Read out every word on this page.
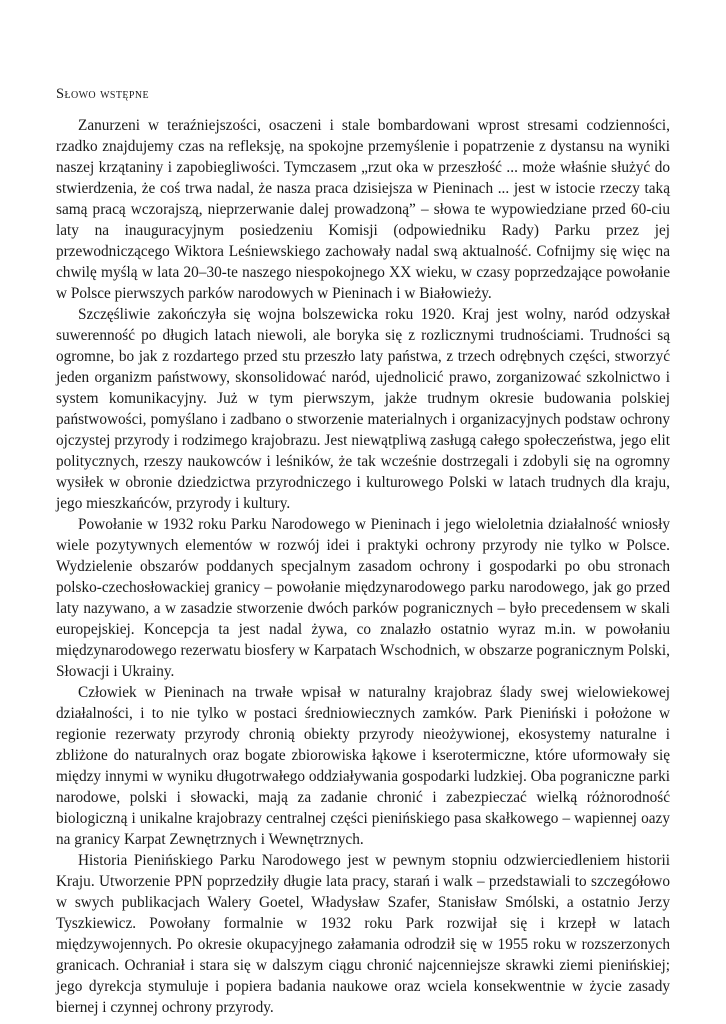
Słowo wstępne

Zanurzeni w teraźniejszości, osaczeni i stale bombardowani wprost stresami codzienności, rzadko znajdujemy czas na refleksję, na spokojne przemyślenie i popatrzenie z dystansu na wyniki naszej krzątaniny i zapobiegliwości. Tymczasem „rzut oka w przeszłość ... może właśnie służyć do stwierdzenia, że coś trwa nadal, że nasza praca dzisiejsza w Pieninach ... jest w istocie rzeczy taką samą pracą wczorajszą, nieprzerwanie dalej prowadzoną” – słowa te wypowiedziane przed 60-ciu laty na inauguracyjnym posiedzeniu Komisji (odpowiedniku Rady) Parku przez jej przewodniczącego Wiktora Leśniewskiego zachowały nadal swą aktualność. Cofnijmy się więc na chwilę myślą w lata 20–30-te naszego niespokojnego XX wieku, w czasy poprzedzające powołanie w Polsce pierwszych parków narodowych w Pieninach i w Białowieży.

Szczęśliwie zakończyła się wojna bolszewicka roku 1920. Kraj jest wolny, naród odzyskał suwerenność po długich latach niewoli, ale boryka się z rozlicznymi trudnościami. Trudności są ogromne, bo jak z rozdartego przed stu przeszło laty państwa, z trzech odrębnych części, stworzyć jeden organizm państwowy, skonsolidować naród, ujednolicić prawo, zorganizować szkolnictwo i system komunikacyjny. Już w tym pierwszym, jakże trudnym okresie budowania polskiej państwowości, pomyślano i zadbano o stworzenie materialnych i organizacyjnych podstaw ochrony ojczystej przyrody i rodzimego krajobrazu. Jest niewątpliwą zasługą całego społeczeństwa, jego elit politycznych, rzeszy naukowców i leśników, że tak wcześnie dostrzegali i zdobyli się na ogromny wysiłek w obronie dziedzictwa przyrodniczego i kulturowego Polski w latach trudnych dla kraju, jego mieszkańców, przyrody i kultury.

Powołanie w 1932 roku Parku Narodowego w Pieninach i jego wieloletnia działalność wniosły wiele pozytywnych elementów w rozwój idei i praktyki ochrony przyrody nie tylko w Polsce. Wydzielenie obszarów poddanych specjalnym zasadom ochrony i gospodarki po obu stronach polsko-czechosłowackiej granicy – powołanie międzynarodowego parku narodowego, jak go przed laty nazywano, a w zasadzie stworzenie dwóch parków pogranicznych – było precedensem w skali europejskiej. Koncepcja ta jest nadal żywa, co znalazło ostatnio wyraz m.in. w powołaniu międzynarodowego rezerwatu biosfery w Karpatach Wschodnich, w obszarze pogranicznym Polski, Słowacji i Ukrainy.

Człowiek w Pieninach na trwałe wpisał w naturalny krajobraz ślady swej wielowiekowej działalności, i to nie tylko w postaci średniowiecznych zamków. Park Pieniński i położone w regionie rezerwaty przyrody chronią obiekty przyrody nieożywionej, ekosystemy naturalne i zbliżone do naturalnych oraz bogate zbiorowiska łąkowe i kserotermiczne, które uformowały się między innymi w wyniku długotrwałego oddziaływania gospodarki ludzkiej. Oba pograniczne parki narodowe, polski i słowacki, mają za zadanie chronić i zabezpieczać wielką różnorodność biologiczną i unikalne krajobrazy centralnej części pienińskiego pasa skałkowego – wapiennej oazy na granicy Karpat Zewnętrznych i Wewnętrznych.

Historia Pienińskiego Parku Narodowego jest w pewnym stopniu odzwierciedleniem historii Kraju. Utworzenie PPN poprzedziły długie lata pracy, starań i walk – przedstawiali to szczegółowo w swych publikacjach Walery Goetel, Władysław Szafer, Stanisław Smólski, a ostatnio Jerzy Tyszkiewicz. Powołany formalnie w 1932 roku Park rozwijał się i krzepł w latach międzywojennych. Po okresie okupacyjnego załamania odrodził się w 1955 roku w rozszerzonych granicach. Ochraniał i stara się w dalszym ciągu chronić najcenniejsze skrawki ziemi pienińskiej; jego dyrekcja stymuluje i popiera badania naukowe oraz wciela konsekwentnie w życie zasady biernej i czynnej ochrony przyrody.
